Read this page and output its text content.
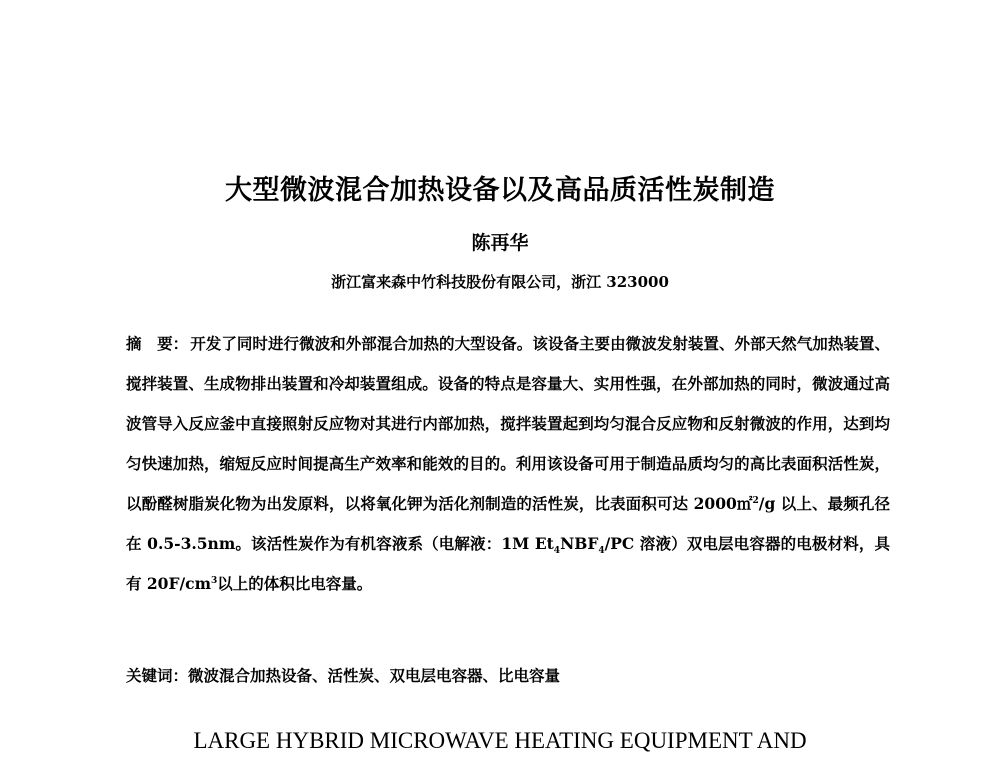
大型微波混合加热设备以及高品质活性炭制造
陈再华
浙江富来森中竹科技股份有限公司，浙江 323000
摘　要： 开发了同时进行微波和外部混合加热的大型设备。该设备主要由微波发射装置、外部天然气加热装置、搅拌装置、生成物排出装置和冷却装置组成。设备的特点是容量大、实用性强，在外部加热的同时，微波通过高波管导入反应釜中直接照射反应物对其进行内部加热，搅拌装置起到均匀混合反应物和反射微波的作用，达到均匀快速加热，缩短反应时间提高生产效率和能效的目的。利用该设备可用于制造品质均匀的高比表面积活性炭，以酚醛树脂炭化物为出发原料，以将氧化钾为活化剂制造的活性炭，比表面积可达 2000㎡$^2$/g 以上、最频孔径在 0.5-3.5nm。该活性炭作为有机容液系（电解液：1M $Et_4NBF_4/PC$ 溶液）双电层电容器的电极材料，具有 $20F/cm^3$以上的体积比电容量。
关键词：微波混合加热设备、活性炭、双电层电容器、比电容量
LARGE HYBRID MICROWAVE HEATING EQUIPMENT AND
